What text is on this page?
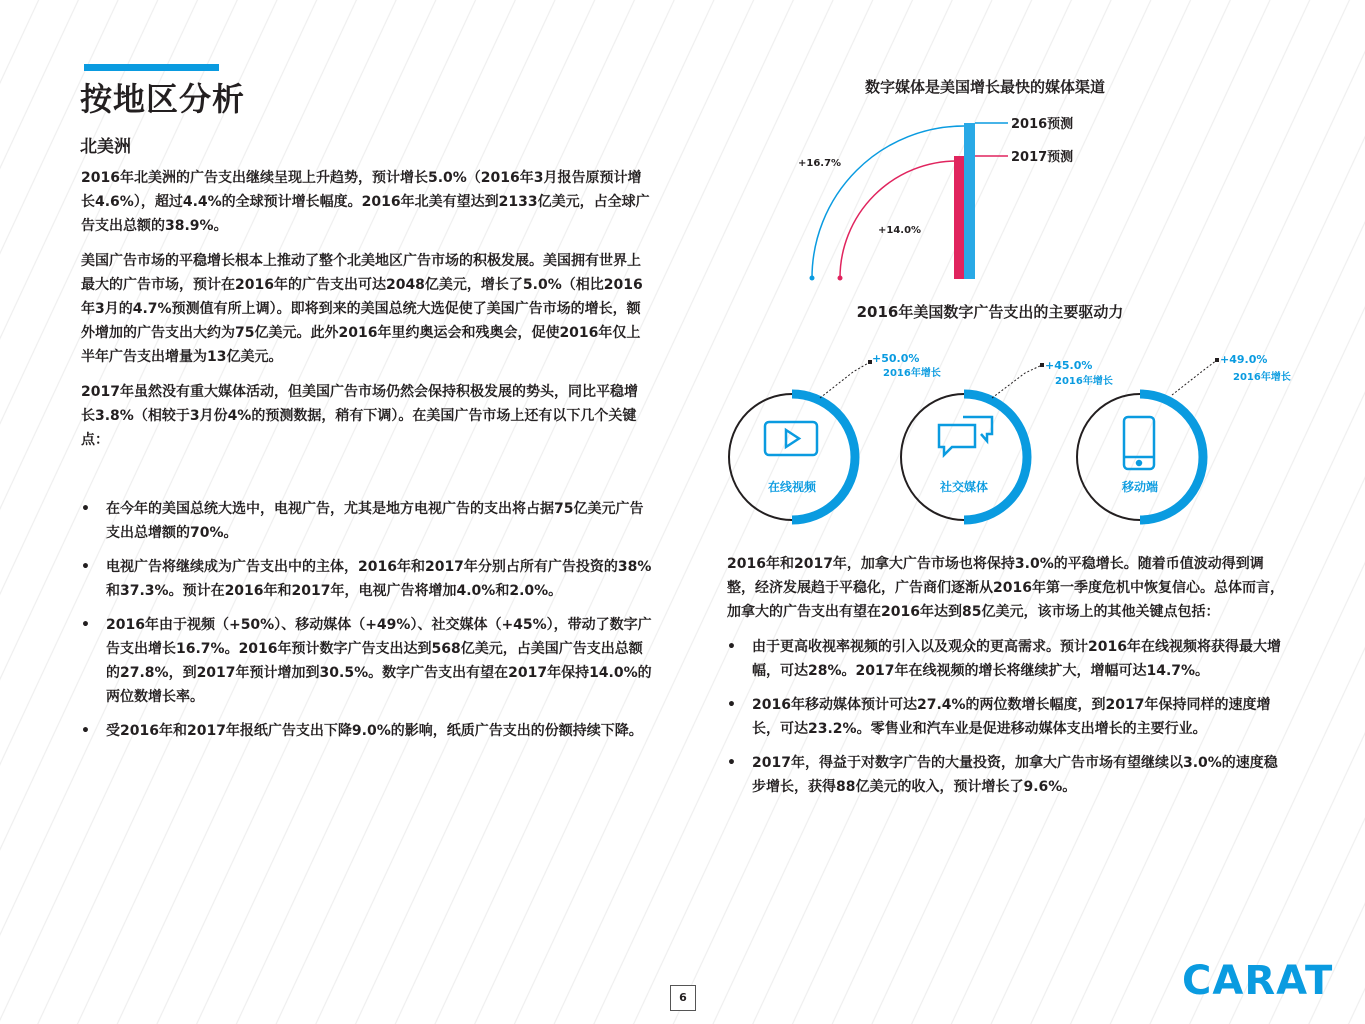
按地区分析
北美洲
2016年北美洲的广告支出继续呈现上升趋势，预计增长5.0%（2016年3月报告原预计增长4.6%），超过4.4%的全球预计增长幅度。2016年北美有望达到2133亿美元，占全球广告支出总额的38.9%。
美国广告市场的平稳增长根本上推动了整个北美地区广告市场的积极发展。美国拥有世界上最大的广告市场，预计在2016年的广告支出可达2048亿美元，增长了5.0%（相比2016年3月的4.7%预测值有所上调）。即将到来的美国总统大选促使了美国广告市场的增长，额外增加的广告支出大约为75亿美元。此外2016年里约奥运会和残奥会，促使2016年仅上半年广告支出增量为13亿美元。
2017年虽然没有重大媒体活动，但美国广告市场仍然会保持积极发展的势头，同比平稳增长3.8%（相较于3月份4%的预测数据，稍有下调）。在美国广告市场上还有以下几个关键点：
• 在今年的美国总统大选中，电视广告，尤其是地方电视广告的支出将占据75亿美元广告支出总增额的70%。
• 电视广告将继续成为广告支出中的主体，2016年和2017年分别占所有广告投资的38%和37.3%。预计在2016年和2017年，电视广告将增加4.0%和2.0%。
• 2016年由于视频（+50%）、移动媒体（+49%）、社交媒体（+45%），带动了数字广告支出增长16.7%。2016年预计数字广告支出达到568亿美元，占美国广告支出总额的27.8%，到2017年预计增加到30.5%。数字广告支出有望在2017年保持14.0%的两位数增长率。
• 受2016年和2017年报纸广告支出下降9.0%的影响，纸质广告支出的份额持续下降。
数字媒体是美国增长最快的媒体渠道
2016预测
2017预测
+16.7%
+14.0%
2016年美国数字广告支出的主要驱动力
在线视频
+50.0%
2016年增长
社交媒体
+45.0%
2016年增长
移动端
+49.0%
2016年增长
2016年和2017年，加拿大广告市场也将保持3.0%的平稳增长。随着币值波动得到调整，经济发展趋于平稳化，广告商们逐渐从2016年第一季度危机中恢复信心。总体而言，加拿大的广告支出有望在2016年达到85亿美元，该市场上的其他关键点包括：
• 由于更高收视率视频的引入以及观众的更高需求。预计2016年在线视频将获得最大增幅，可达28%。2017年在线视频的增长将继续扩大，增幅可达14.7%。
• 2016年移动媒体预计可达27.4%的两位数增长幅度，到2017年保持同样的速度增长，可达23.2%。零售业和汽车业是促进移动媒体支出增长的主要行业。
• 2017年，得益于对数字广告的大量投资，加拿大广告市场有望继续以3.0%的速度稳步增长，获得88亿美元的收入，预计增长了9.6%。
6	CARAT
